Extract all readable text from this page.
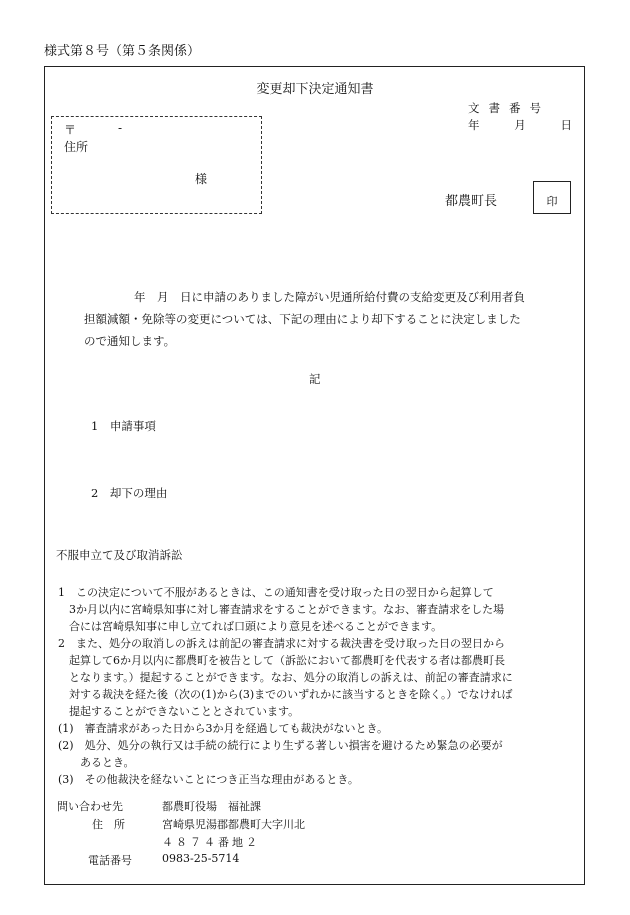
様式第８号（第５条関係）
変更却下決定通知書
文書番号
年	月	日
〒	-
住所
様
都農町長	印
年　月　日に申請のありました障がい児通所給付費の支給変更及び利用者負
担額減額・免除等の変更については、下記の理由により却下することに決定しました
ので通知します。
記
1　申請事項
2　却下の理由
不服申立て及び取消訴訟
1　この決定について不服があるときは、この通知書を受け取った日の翌日から起算して
　3か月以内に宮崎県知事に対し審査請求をすることができます。なお、審査請求をした場
　合には宮崎県知事に申し立てれば口頭により意見を述べることができます。
2　また、処分の取消しの訴えは前記の審査請求に対する裁決書を受け取った日の翌日から
　起算して6か月以内に都農町を被告として（訴訟において都農町を代表する者は都農町長
　となります。）提起することができます。なお、処分の取消しの訴えは、前記の審査請求に
　対する裁決を経た後（次の(1)から(3)までのいずれかに該当するときを除く。）でなければ
　提起することができないこととされています。
(1)　審査請求があった日から3か月を経過しても裁決がないとき。
(2)　処分、処分の執行又は手続の続行により生ずる著しい損害を避けるため緊急の必要が
　　あるとき。
(3)　その他裁決を経ないことにつき正当な理由があるとき。
問い合わせ先	都農町役場　福祉課
住　所	宮崎県児湯郡都農町大字川北
４８７４番地２
電話番号	0983-25-5714
